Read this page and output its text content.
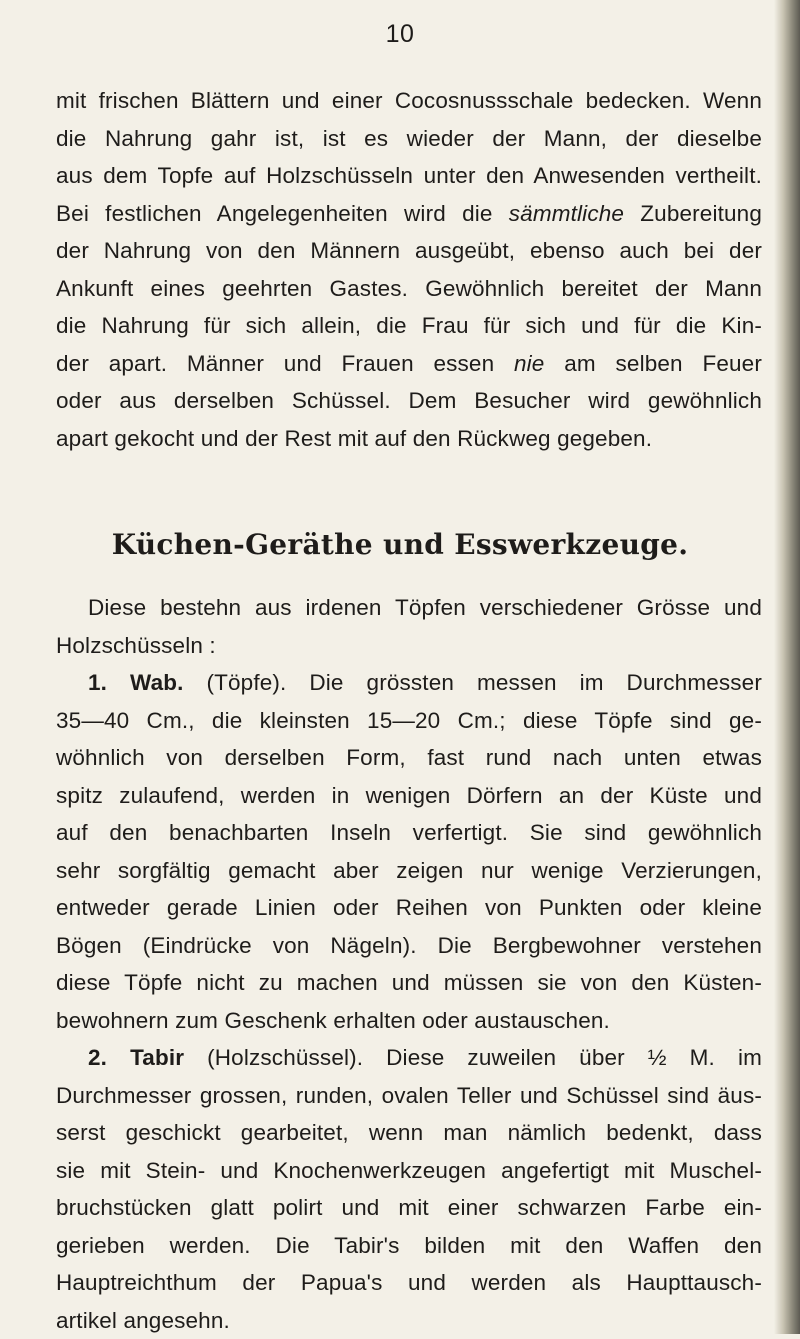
10
mit frischen Blättern und einer Cocosnussschale bedecken. Wenn
die Nahrung gahr ist, ist es wieder der Mann, der dieselbe
aus dem Topfe auf Holzschüsseln unter den Anwesenden vertheilt.
Bei festlichen Angelegenheiten wird die sämmtliche Zubereitung
der Nahrung von den Männern ausgeübt, ebenso auch bei der
Ankunft eines geehrten Gastes. Gewöhnlich bereitet der Mann
die Nahrung für sich allein, die Frau für sich und für die Kin-
der apart. Männer und Frauen essen nie am selben Feuer
oder aus derselben Schüssel. Dem Besucher wird gewöhnlich
apart gekocht und der Rest mit auf den Rückweg gegeben.
Küchen-Geräthe und Esswerkzeuge.
Diese bestehn aus irdenen Töpfen verschiedener Grösse und
Holzschüsseln :
1. Wab. (Töpfe). Die grössten messen im Durchmesser
35—40 Cm., die kleinsten 15—20 Cm.; diese Töpfe sind ge-
wöhnlich von derselben Form, fast rund nach unten etwas
spitz zulaufend, werden in wenigen Dörfern an der Küste und
auf den benachbarten Inseln verfertigt. Sie sind gewöhnlich
sehr sorgfältig gemacht aber zeigen nur wenige Verzierungen,
entweder gerade Linien oder Reihen von Punkten oder kleine
Bögen (Eindrücke von Nägeln). Die Bergbewohner verstehen
diese Töpfe nicht zu machen und müssen sie von den Küsten-
bewohnern zum Geschenk erhalten oder austauschen.
2. Tabir (Holzschüssel). Diese zuweilen über ½ M. im
Durchmesser grossen, runden, ovalen Teller und Schüssel sind äus-
serst geschickt gearbeitet, wenn man nämlich bedenkt, dass
sie mit Stein- und Knochenwerkzeugen angefertigt mit Muschel-
bruchstücken glatt polirt und mit einer schwarzen Farbe ein-
gerieben werden. Die Tabir's bilden mit den Waffen den
Hauptreichthum der Papua's und werden als Haupttausch-
artikel angesehn.
